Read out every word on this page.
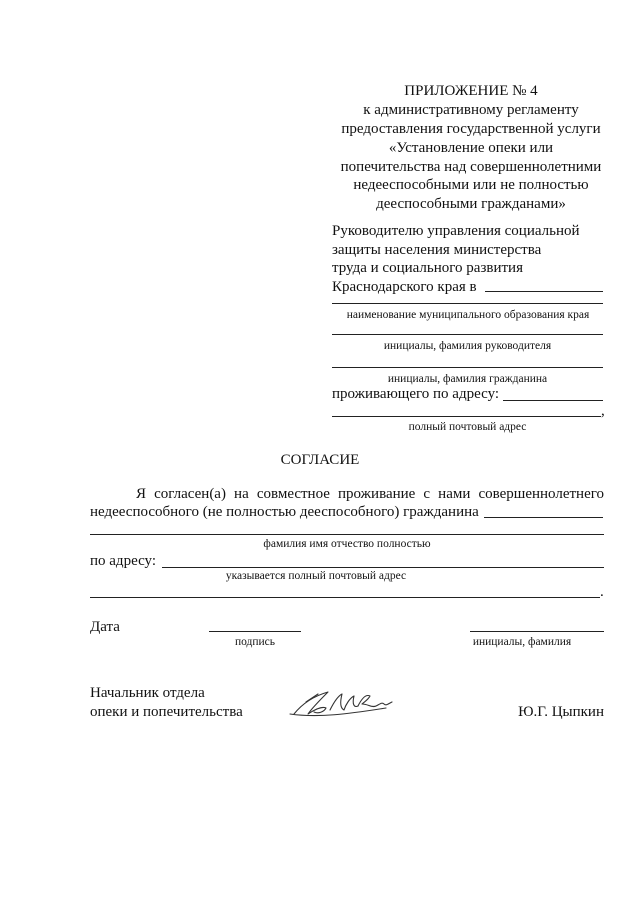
ПРИЛОЖЕНИЕ № 4
к административному регламенту
предоставления государственной услуги
«Установление опеки или
попечительства над совершеннолетними
недееспособными или не полностью
дееспособными гражданами»
Руководителю управления социальной
защиты населения министерства
труда и социального развития
Краснодарского края в
наименование муниципального образования края
инициалы, фамилия руководителя
инициалы, фамилия гражданина
проживающего по адресу:
,
полный почтовый адрес
СОГЛАСИЕ
Я согласен(а) на совместное проживание с нами совершеннолетнего
недееспособного (не полностью дееспособного) гражданина
фамилия имя отчество полностью
по адресу:
указывается полный почтовый адрес
.
Дата
подпись	инициалы, фамилия
Начальник отдела
опеки и попечительства	Ю.Г. Цыпкин
